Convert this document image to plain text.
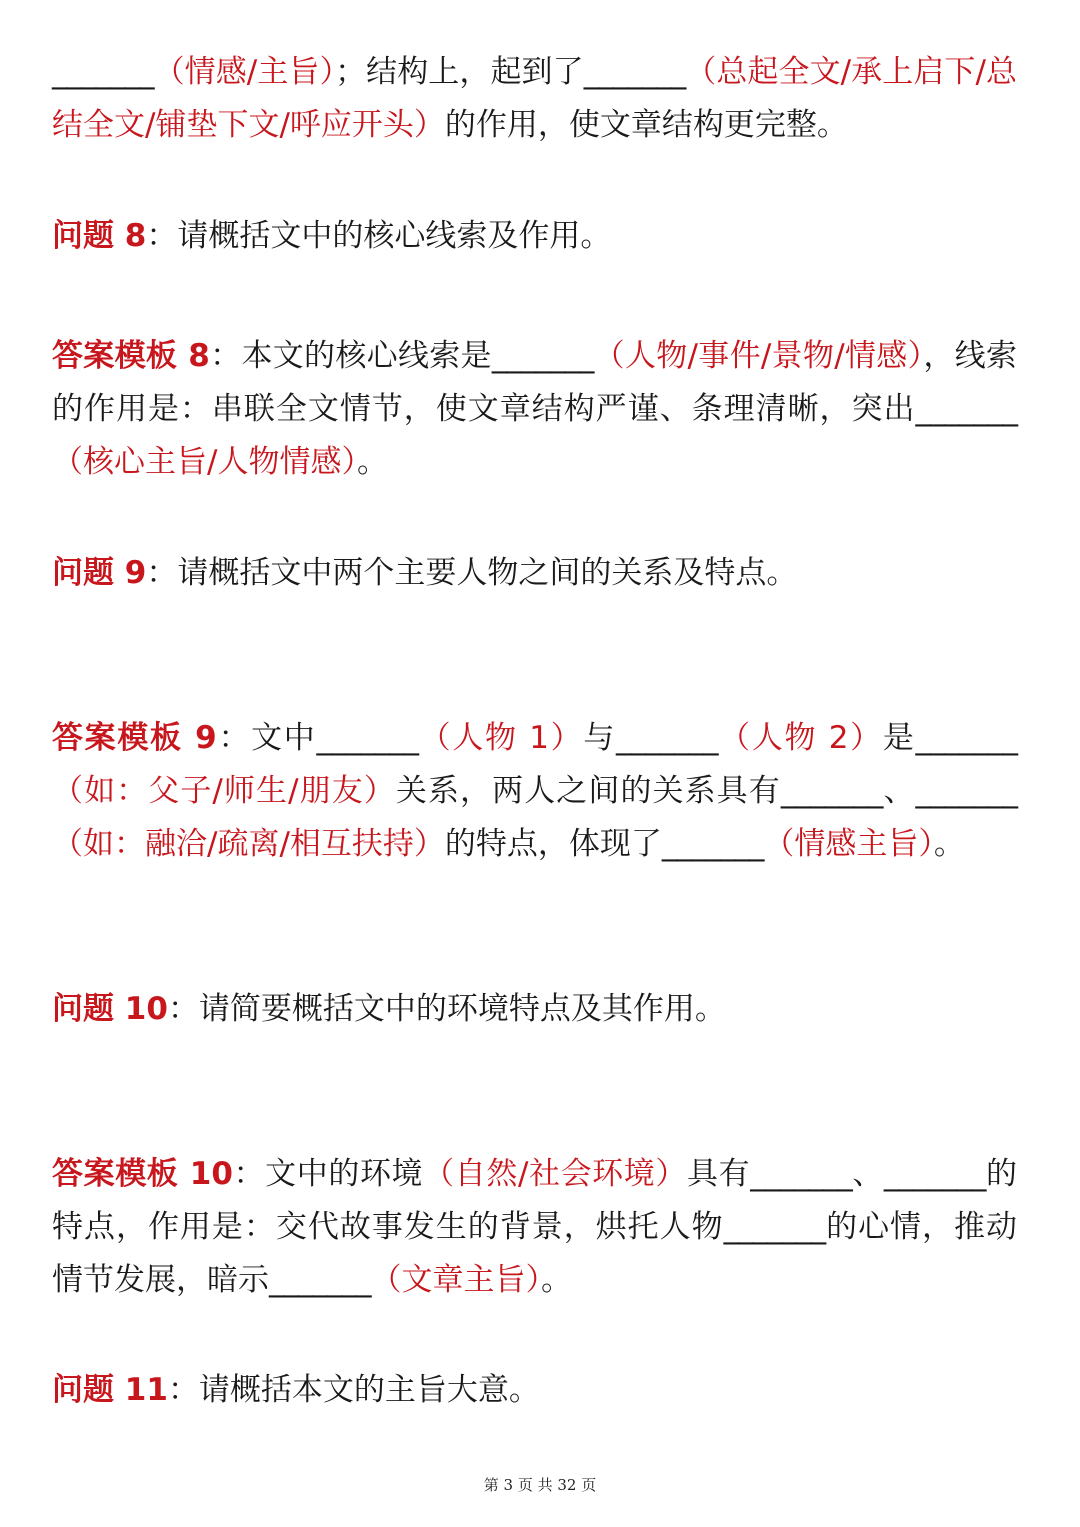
_______（情感/主旨）；结构上，起到了_______（总起全文/承上启下/总结全文/铺垫下文/呼应开头）的作用，使文章结构更完整。

问题 8：请概括文中的核心线索及作用。

答案模板 8：本文的核心线索是_______（人物/事件/景物/情感），线索的作用是：串联全文情节，使文章结构严谨、条理清晰，突出_______（核心主旨/人物情感）。

问题 9：请概括文中两个主要人物之间的关系及特点。

答案模板 9：文中_______（人物 1）与_______（人物 2）是_______（如：父子/师生/朋友）关系，两人之间的关系具有_______、_______（如：融洽/疏离/相互扶持）的特点，体现了_______（情感主旨）。

问题 10：请简要概括文中的环境特点及其作用。

答案模板 10：文中的环境（自然/社会环境）具有_______、_______的特点，作用是：交代故事发生的背景，烘托人物_______的心情，推动情节发展，暗示_______（文章主旨）。

问题 11：请概括本文的主旨大意。

第 3 页 共 32 页
